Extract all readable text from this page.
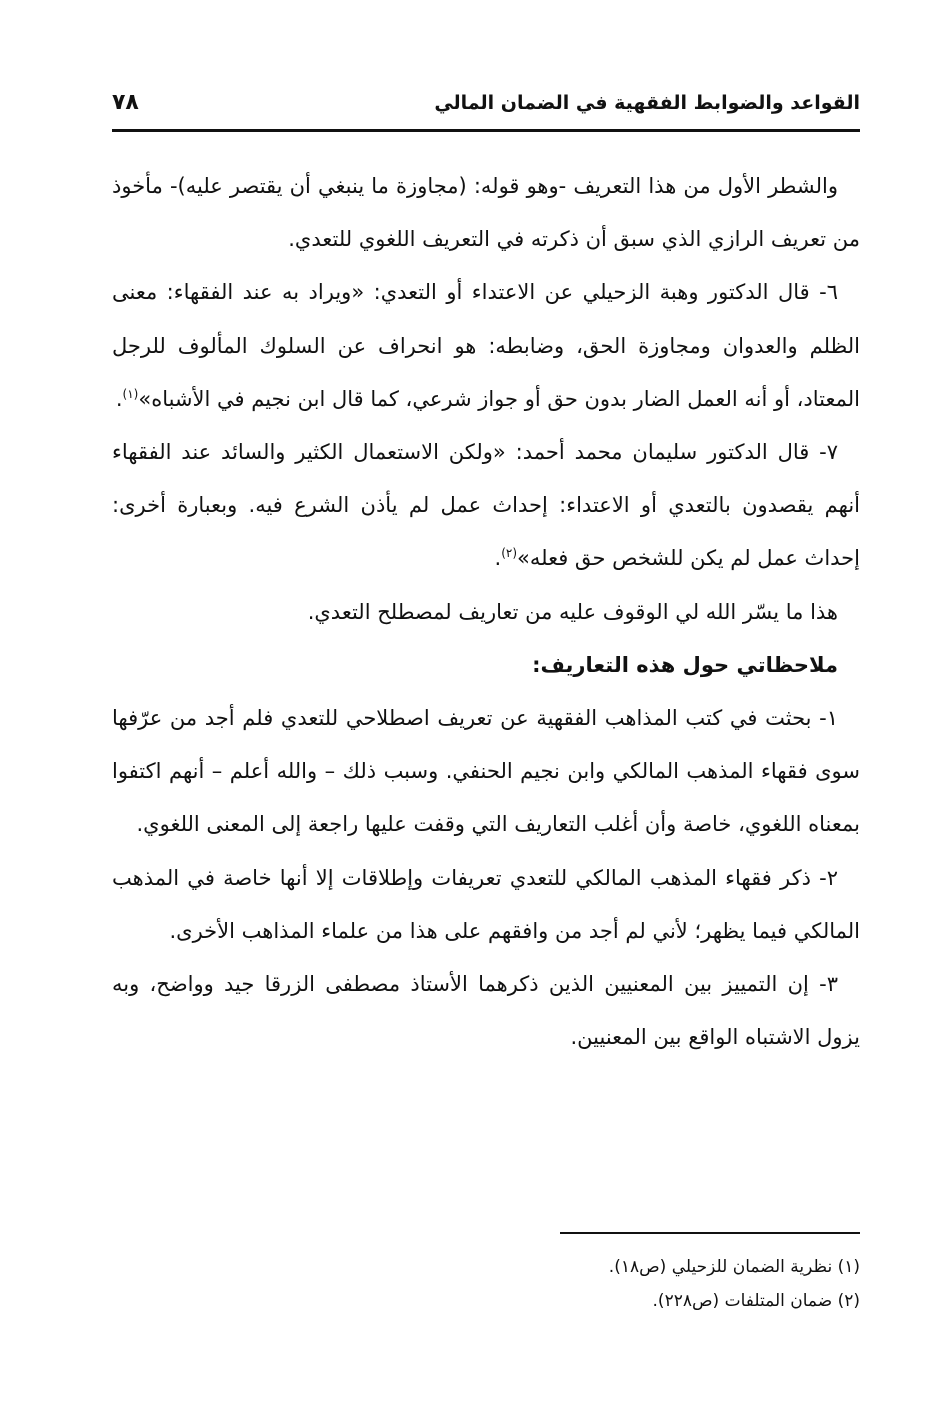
القواعد والضوابط الفقهية في الضمان المالي
٧٨

والشطر الأول من هذا التعريف -وهو قوله: (مجاوزة ما ينبغي أن يقتصر عليه)- مأخوذ من تعريف الرازي الذي سبق أن ذكرته في التعريف اللغوي للتعدي.

٦- قال الدكتور وهبة الزحيلي عن الاعتداء أو التعدي: «ويراد به عند الفقهاء: معنى الظلم والعدوان ومجاوزة الحق، وضابطه: هو انحراف عن السلوك المألوف للرجل المعتاد، أو أنه العمل الضار بدون حق أو جواز شرعي، كما قال ابن نجيم في الأشباه»$^{(١)}$.

٧- قال الدكتور سليمان محمد أحمد: «ولكن الاستعمال الكثير والسائد عند الفقهاء أنهم يقصدون بالتعدي أو الاعتداء: إحداث عمل لم يأذن الشرع فيه. وبعبارة أخرى: إحداث عمل لم يكن للشخص حق فعله»$^{(٢)}$.

هذا ما يسّر الله لي الوقوف عليه من تعاريف لمصطلح التعدي.

ملاحظاتي حول هذه التعاريف:

١- بحثت في كتب المذاهب الفقهية عن تعريف اصطلاحي للتعدي فلم أجد من عرّفها سوى فقهاء المذهب المالكي وابن نجيم الحنفي. وسبب ذلك – والله أعلم – أنهم اكتفوا بمعناه اللغوي، خاصة وأن أغلب التعاريف التي وقفت عليها راجعة إلى المعنى اللغوي.

٢- ذكر فقهاء المذهب المالكي للتعدي تعريفات وإطلاقات إلا أنها خاصة في المذهب المالكي فيما يظهر؛ لأني لم أجد من وافقهم على هذا من علماء المذاهب الأخرى.

٣- إن التمييز بين المعنيين الذين ذكرهما الأستاذ مصطفى الزرقا جيد وواضح، وبه يزول الاشتباه الواقع بين المعنيين.

(١) نظرية الضمان للزحيلي (ص١٨).

(٢) ضمان المتلفات (ص٢٢٨).
